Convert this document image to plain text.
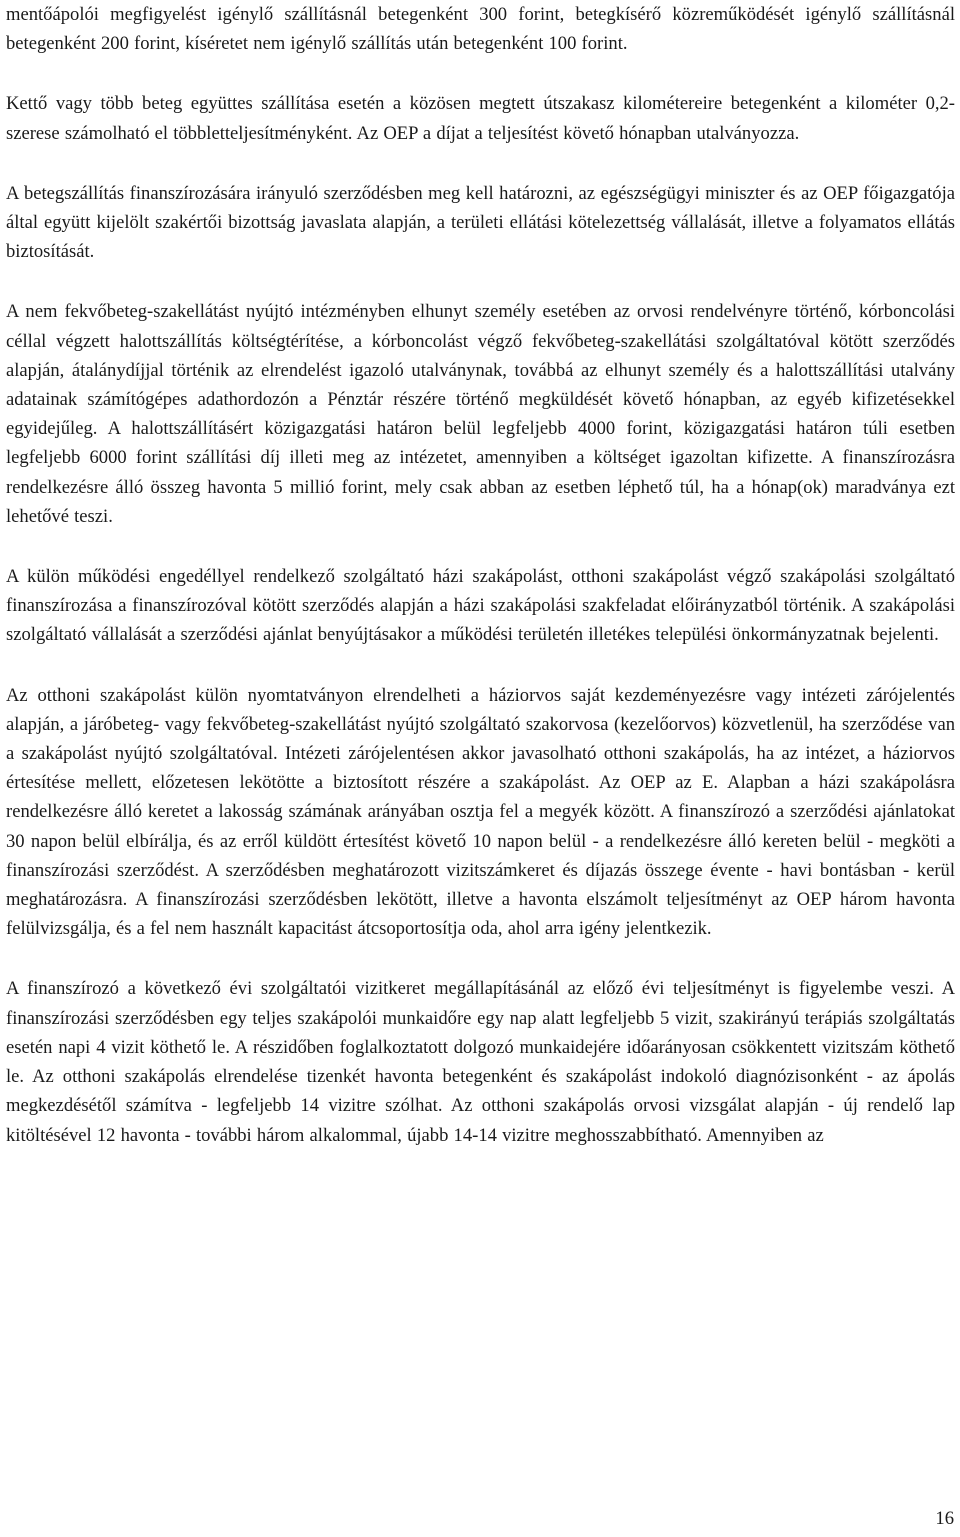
mentőápolói megfigyelést igénylő szállításnál betegenként 300 forint, betegkísérő közreműködését igénylő szállításnál betegenként 200 forint, kíséretet nem igénylő szállítás után betegenként 100 forint.

Kettő vagy több beteg együttes szállítása esetén a közösen megtett útszakasz kilométereire betegenként a kilométer 0,2-szerese számolható el többletteljesítményként. Az OEP a díjat a teljesítést követő hónapban utalványozza.

A betegszállítás finanszírozására irányuló szerződésben meg kell határozni, az egészségügyi miniszter és az OEP főigazgatója által együtt kijelölt szakértői bizottság javaslata alapján, a területi ellátási kötelezettség vállalását, illetve a folyamatos ellátás biztosítását.

A nem fekvőbeteg-szakellátást nyújtó intézményben elhunyt személy esetében az orvosi rendelvényre történő, kórboncolási céllal végzett halottszállítás költségtérítése, a kórboncolást végző fekvőbeteg-szakellátási szolgáltatóval kötött szerződés alapján, átalánydíjjal történik az elrendelést igazoló utalványnak, továbbá az elhunyt személy és a halottszállítási utalvány adatainak számítógépes adathordozón a Pénztár részére történő megküldését követő hónapban, az egyéb kifizetésekkel egyidejűleg. A halottszállításért közigazgatási határon belül legfeljebb 4000 forint, közigazgatási határon túli esetben legfeljebb 6000 forint szállítási díj illeti meg az intézetet, amennyiben a költséget igazoltan kifizette. A finanszírozásra rendelkezésre álló összeg havonta 5 millió forint, mely csak abban az esetben léphető túl, ha a hónap(ok) maradványa ezt lehetővé teszi.

A külön működési engedéllyel rendelkező szolgáltató házi szakápolást, otthoni szakápolást végző szakápolási szolgáltató finanszírozása a finanszírozóval kötött szerződés alapján a házi szakápolási szakfeladat előirányzatból történik. A szakápolási szolgáltató vállalását a szerződési ajánlat benyújtásakor a működési területén illetékes települési önkormányzatnak bejelenti.

Az otthoni szakápolást külön nyomtatványon elrendelheti a háziorvos saját kezdeményezésre vagy intézeti zárójelentés alapján, a járóbeteg- vagy fekvőbeteg-szakellátást nyújtó szolgáltató szakorvosa (kezelőorvos) közvetlenül, ha szerződése van a szakápolást nyújtó szolgáltatóval. Intézeti zárójelentésen akkor javasolható otthoni szakápolás, ha az intézet, a háziorvos értesítése mellett, előzetesen lekötötte a biztosított részére a szakápolást. Az OEP az E. Alapban a házi szakápolásra rendelkezésre álló keretet a lakosság számának arányában osztja fel a megyék között. A finanszírozó a szerződési ajánlatokat 30 napon belül elbírálja, és az erről küldött értesítést követő 10 napon belül - a rendelkezésre álló kereten belül - megköti a finanszírozási szerződést. A szerződésben meghatározott vizitszámkeret és díjazás összege évente - havi bontásban - kerül meghatározásra. A finanszírozási szerződésben lekötött, illetve a havonta elszámolt teljesítményt az OEP három havonta felülvizsgálja, és a fel nem használt kapacitást átcsoportosítja oda, ahol arra igény jelentkezik.

A finanszírozó a következő évi szolgáltatói vizitkeret megállapításánál az előző évi teljesítményt is figyelembe veszi. A finanszírozási szerződésben egy teljes szakápolói munkaidőre egy nap alatt legfeljebb 5 vizit, szakirányú terápiás szolgáltatás esetén napi 4 vizit köthető le. A részidőben foglalkoztatott dolgozó munkaidejére időarányosan csökkentett vizitszám köthető le. Az otthoni szakápolás elrendelése tizenkét havonta betegenként és szakápolást indokoló diagnózisonként - az ápolás megkezdésétől számítva - legfeljebb 14 vizitre szólhat. Az otthoni szakápolás orvosi vizsgálat alapján - új rendelő lap kitöltésével 12 havonta - további három alkalommal, újabb 14-14 vizitre meghosszabbítható. Amennyiben az

16
